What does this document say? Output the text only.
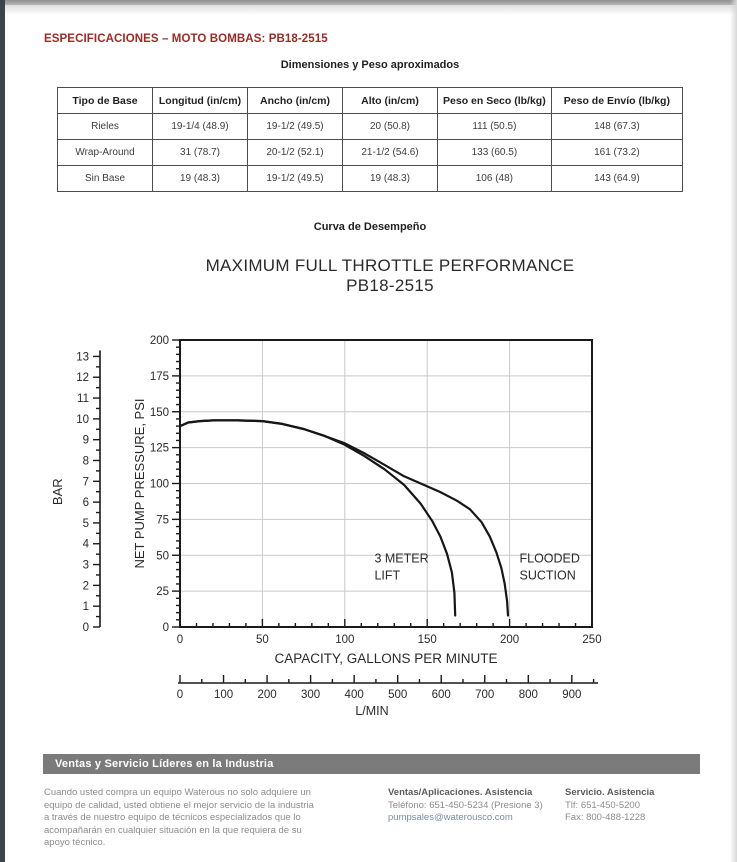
ESPECIFICACIONES – MOTO BOMBAS: PB18-2515
Dimensiones y Peso aproximados
Tipo de Base	Longitud (in/cm)	Ancho (in/cm)	Alto (in/cm)	Peso en Seco (lb/kg)	Peso de Envío (lb/kg)
Rieles	19-1/4 (48.9)	19-1/2 (49.5)	20 (50.8)	111 (50.5)	148 (67.3)
Wrap-Around	31 (78.7)	20-1/2 (52.1)	21-1/2 (54.6)	133 (60.5)	161 (73.2)
Sin Base	19 (48.3)	19-1/2 (49.5)	19 (48.3)	106 (48)	143 (64.9)
Curva de Desempeño
MAXIMUM FULL THROTTLE PERFORMANCE
PB18-2515
0
25
50
75
100
125
150
175
200
0	50	100	150	200	250
CAPACITY, GALLONS PER MINUTE
NET PUMP PRESSURE, PSI
0
1
2
3
4
5
6
7
8
9
10
11
12
13
BAR
0	100 200 300 400 500 600 700 800 900
L/MIN
3 METER
LIFT
FLOODED
SUCTION
Ventas y Servicio Líderes en la Industria
Cuando usted compra un equipo Waterous no solo adquiere un equipo de calidad, usted obtiene el mejor servicio de la industria a través de nuestro equipo de técnicos especializados que lo acompañarán en cualquier situación en la que requiera de su apoyo técnico.
Ventas/Aplicaciones. Asistencia
Teléfono: 651-450-5234 (Presione 3)
pumpsales@waterousco.com
Servicio. Asistencia
Tlf: 651-450-5200
Fax: 800-488-1228
